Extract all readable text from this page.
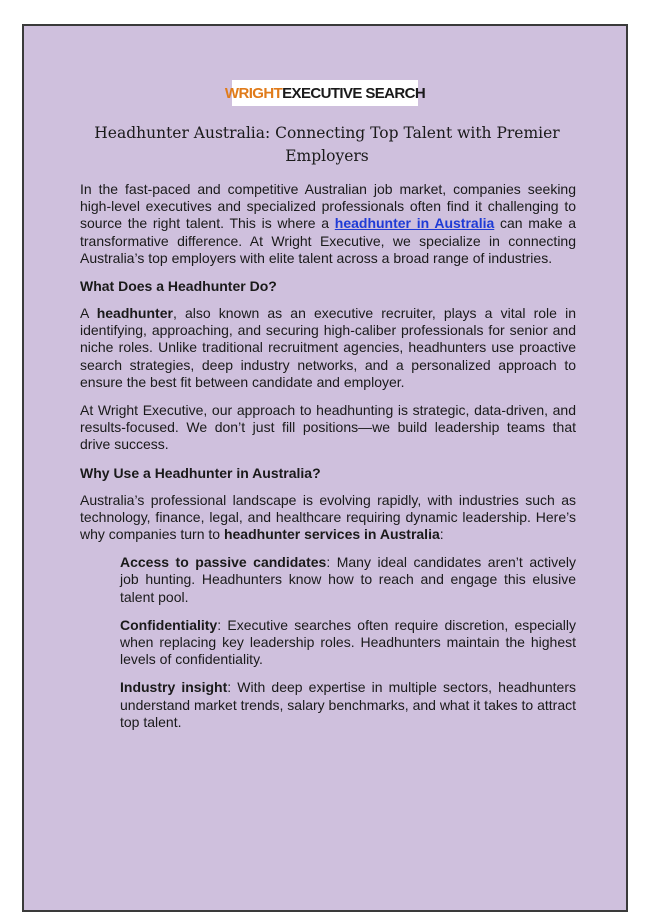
WRIGHT EXECUTIVE SEARCH
Headhunter Australia: Connecting Top Talent with Premier Employers

In the fast-paced and competitive Australian job market, companies seeking high-level executives and specialized professionals often find it challenging to source the right talent. This is where a headhunter in Australia can make a transformative difference. At Wright Executive, we specialize in connecting Australia’s top employers with elite talent across a broad range of industries.

What Does a Headhunter Do?

A headhunter, also known as an executive recruiter, plays a vital role in identifying, approaching, and securing high-caliber professionals for senior and niche roles. Unlike traditional recruitment agencies, headhunters use proactive search strategies, deep industry networks, and a personalized approach to ensure the best fit between candidate and employer.

At Wright Executive, our approach to headhunting is strategic, data-driven, and results-focused. We don’t just fill positions—we build leadership teams that drive success.

Why Use a Headhunter in Australia?

Australia’s professional landscape is evolving rapidly, with industries such as technology, finance, legal, and healthcare requiring dynamic leadership. Here’s why companies turn to headhunter services in Australia:

Access to passive candidates: Many ideal candidates aren’t actively job hunting. Headhunters know how to reach and engage this elusive talent pool.

Confidentiality: Executive searches often require discretion, especially when replacing key leadership roles. Headhunters maintain the highest levels of confidentiality.

Industry insight: With deep expertise in multiple sectors, headhunters understand market trends, salary benchmarks, and what it takes to attract top talent.
